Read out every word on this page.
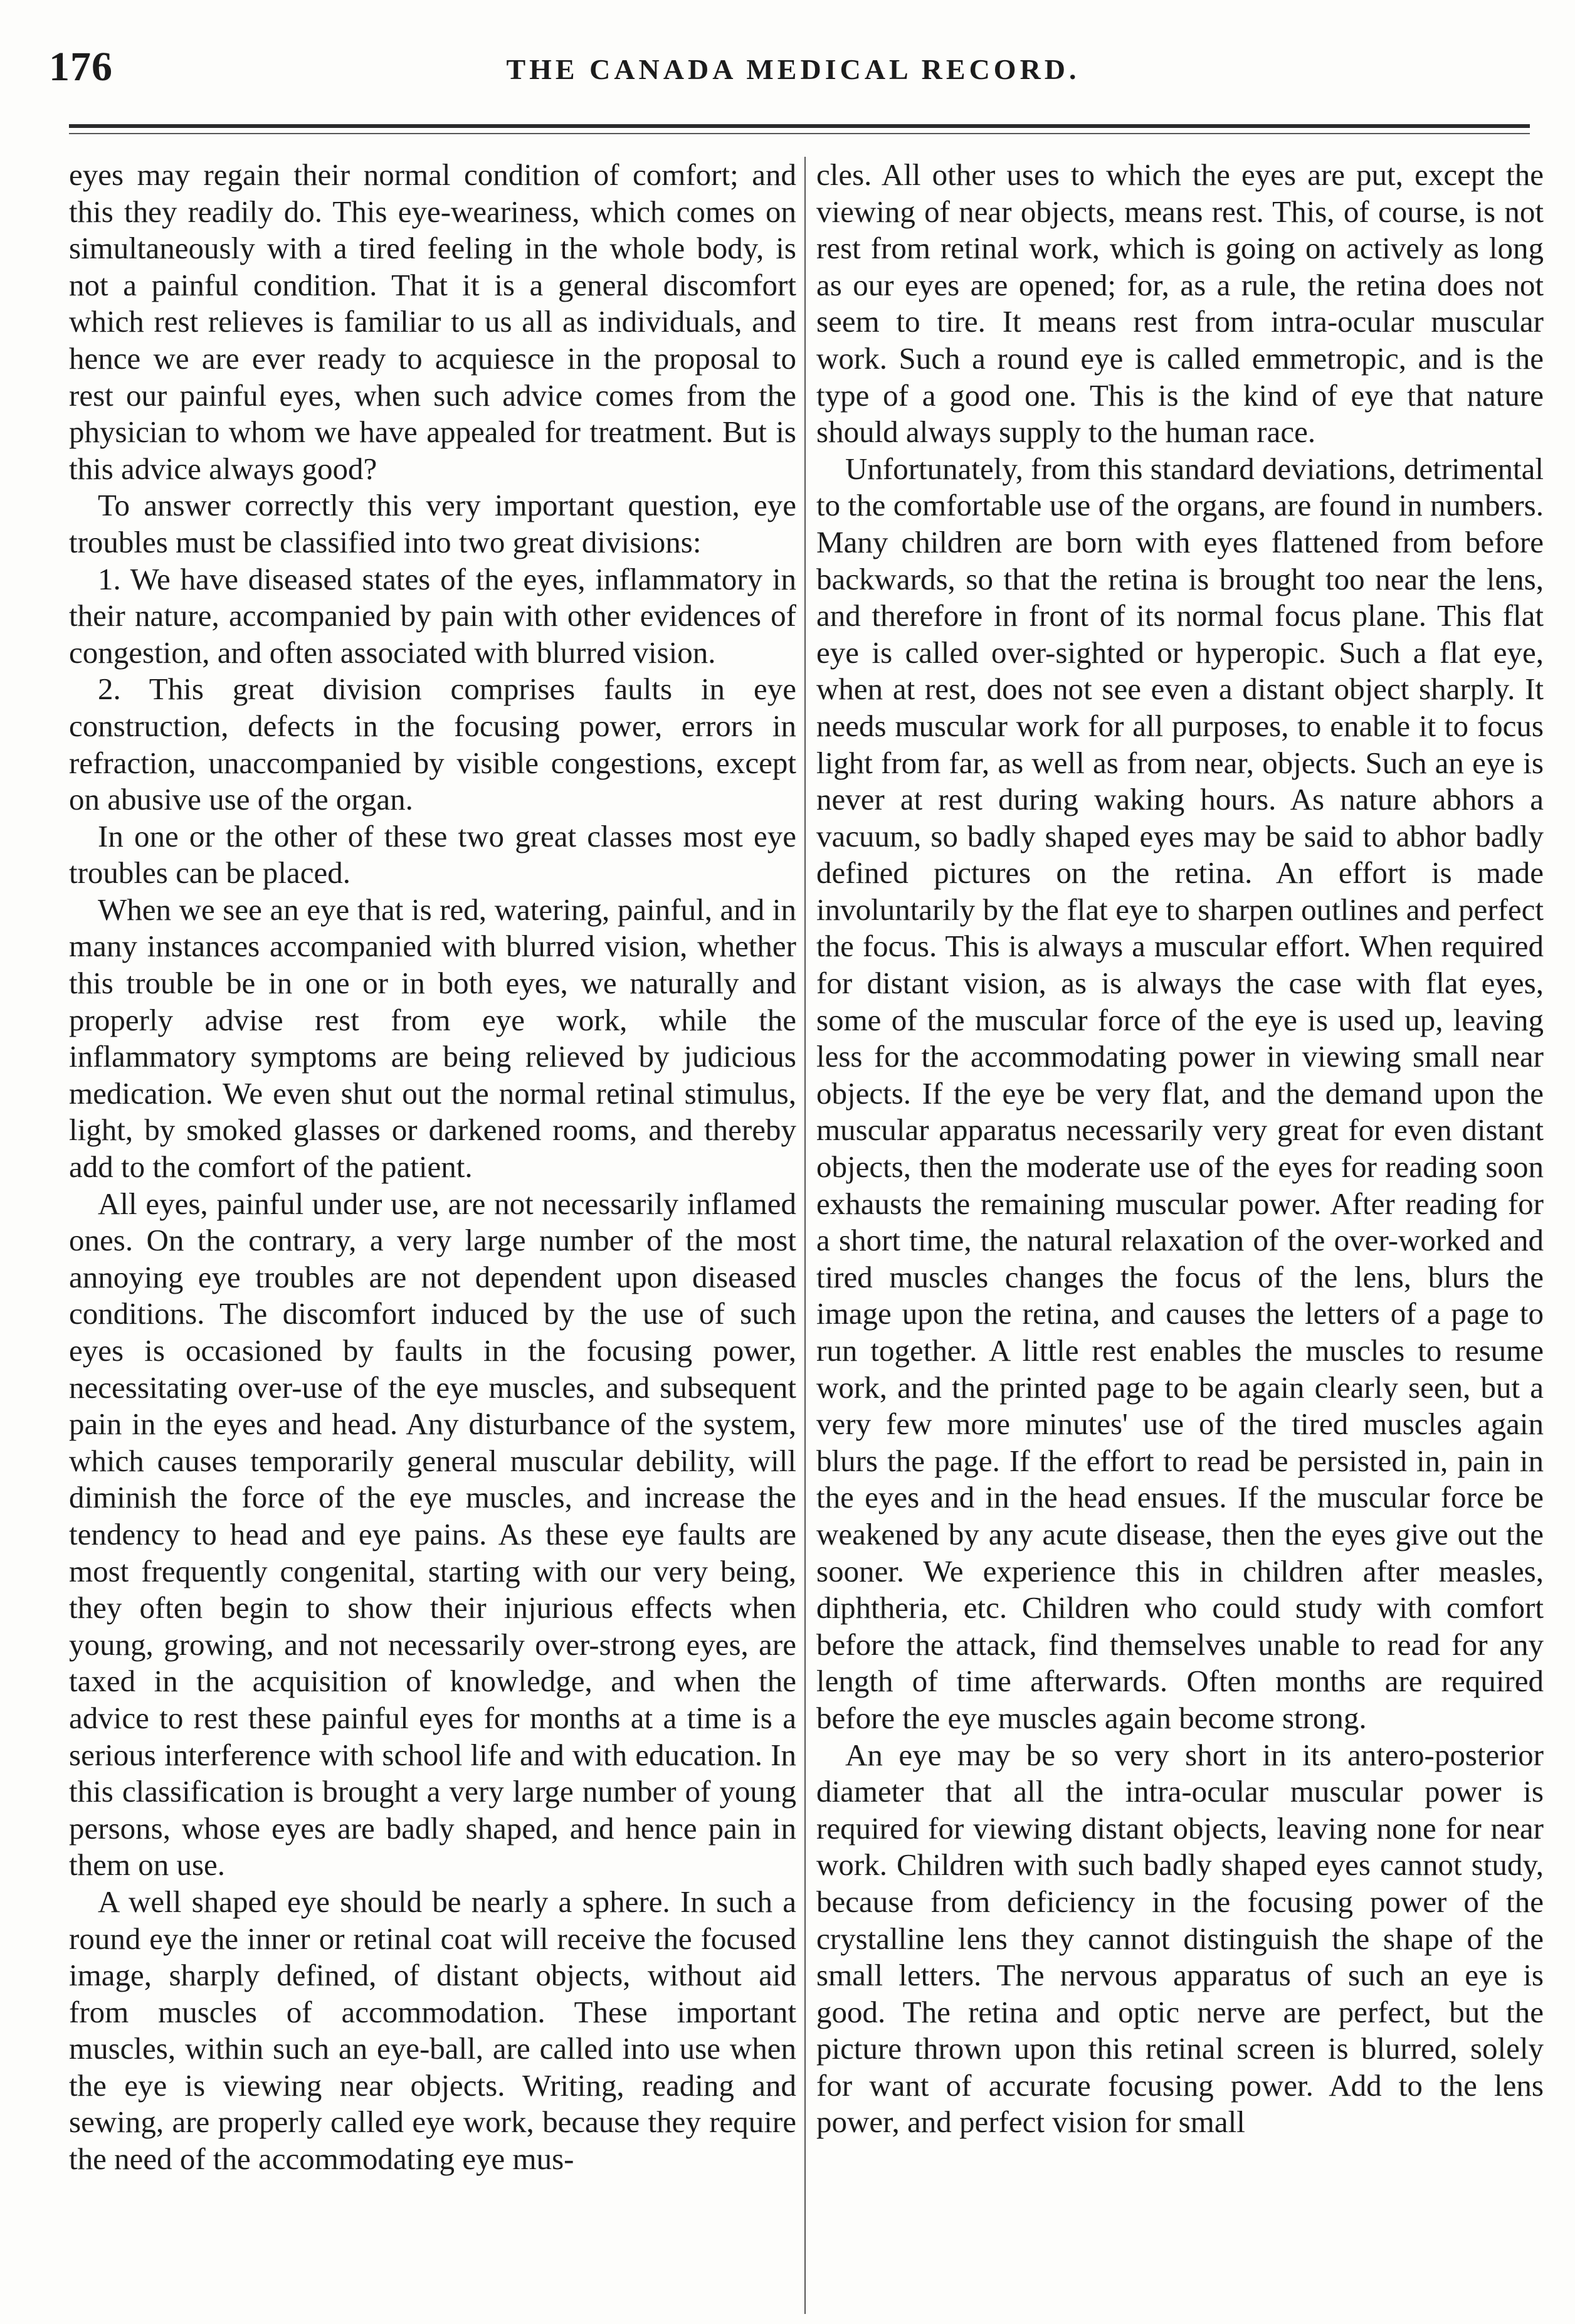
176	THE CANADA MEDICAL RECORD.

eyes may regain their normal condition of comfort; and this they readily do. This eye-weariness, which comes on simultaneously with a tired feeling in the whole body, is not a painful condition. That it is a general discomfort which rest relieves is familiar to us all as individuals, and hence we are ever ready to acquiesce in the proposal to rest our painful eyes, when such advice comes from the physician to whom we have appealed for treatment. But is this advice always good?

To answer correctly this very important question, eye troubles must be classified into two great divisions:

1. We have diseased states of the eyes, inflammatory in their nature, accompanied by pain with other evidences of congestion, and often associated with blurred vision.

2. This great division comprises faults in eye construction, defects in the focusing power, errors in refraction, unaccompanied by visible congestions, except on abusive use of the organ.

In one or the other of these two great classes most eye troubles can be placed.

When we see an eye that is red, watering, painful, and in many instances accompanied with blurred vision, whether this trouble be in one or in both eyes, we naturally and properly advise rest from eye work, while the inflammatory symptoms are being relieved by judicious medication. We even shut out the normal retinal stimulus, light, by smoked glasses or darkened rooms, and thereby add to the comfort of the patient.

All eyes, painful under use, are not necessarily inflamed ones. On the contrary, a very large number of the most annoying eye troubles are not dependent upon diseased conditions. The discomfort induced by the use of such eyes is occasioned by faults in the focusing power, necessitating over-use of the eye muscles, and subsequent pain in the eyes and head. Any disturbance of the system, which causes temporarily general muscular debility, will diminish the force of the eye muscles, and increase the tendency to head and eye pains. As these eye faults are most frequently congenital, starting with our very being, they often begin to show their injurious effects when young, growing, and not necessarily over-strong eyes, are taxed in the acquisition of knowledge, and when the advice to rest these painful eyes for months at a time is a serious interference with school life and with education. In this classification is brought a very large number of young persons, whose eyes are badly shaped, and hence pain in them on use.

A well shaped eye should be nearly a sphere. In such a round eye the inner or retinal coat will receive the focused image, sharply defined, of distant objects, without aid from muscles of accommodation. These important muscles, within such an eye-ball, are called into use when the eye is viewing near objects. Writing, reading and sewing, are properly called eye work, because they require the need of the accommodating eye mus-

cles. All other uses to which the eyes are put, except the viewing of near objects, means rest. This, of course, is not rest from retinal work, which is going on actively as long as our eyes are opened; for, as a rule, the retina does not seem to tire. It means rest from intra-ocular muscular work. Such a round eye is called emmetropic, and is the type of a good one. This is the kind of eye that nature should always supply to the human race.

Unfortunately, from this standard deviations, detrimental to the comfortable use of the organs, are found in numbers. Many children are born with eyes flattened from before backwards, so that the retina is brought too near the lens, and therefore in front of its normal focus plane. This flat eye is called over-sighted or hyperopic. Such a flat eye, when at rest, does not see even a distant object sharply. It needs muscular work for all purposes, to enable it to focus light from far, as well as from near, objects. Such an eye is never at rest during waking hours. As nature abhors a vacuum, so badly shaped eyes may be said to abhor badly defined pictures on the retina. An effort is made involuntarily by the flat eye to sharpen outlines and perfect the focus. This is always a muscular effort. When required for distant vision, as is always the case with flat eyes, some of the muscular force of the eye is used up, leaving less for the accommodating power in viewing small near objects. If the eye be very flat, and the demand upon the muscular apparatus necessarily very great for even distant objects, then the moderate use of the eyes for reading soon exhausts the remaining muscular power. After reading for a short time, the natural relaxation of the over-worked and tired muscles changes the focus of the lens, blurs the image upon the retina, and causes the letters of a page to run together. A little rest enables the muscles to resume work, and the printed page to be again clearly seen, but a very few more minutes' use of the tired muscles again blurs the page. If the effort to read be persisted in, pain in the eyes and in the head ensues. If the muscular force be weakened by any acute disease, then the eyes give out the sooner. We experience this in children after measles, diphtheria, etc. Children who could study with comfort before the attack, find themselves unable to read for any length of time afterwards. Often months are required before the eye muscles again become strong.

An eye may be so very short in its antero-posterior diameter that all the intra-ocular muscular power is required for viewing distant objects, leaving none for near work. Children with such badly shaped eyes cannot study, because from deficiency in the focusing power of the crystalline lens they cannot distinguish the shape of the small letters. The nervous apparatus of such an eye is good. The retina and optic nerve are perfect, but the picture thrown upon this retinal screen is blurred, solely for want of accurate focusing power. Add to the lens power, and perfect vision for small
